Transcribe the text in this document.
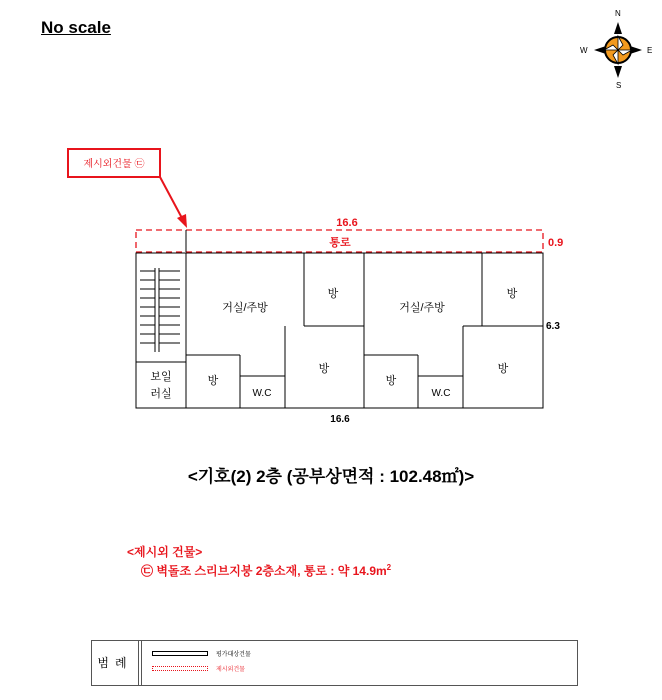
No scale
N
E
S
W
제시외건물 ㉢
16.6
통로	0.9
보일
러실
거실/주방
방
방
W.C
방
거실/주방
방
방
W.C
방
16.6
6.3
<기호(2) 2층 (공부상면적 : 102.48㎡)>
<제시외 건물>
㉢ 벽돌조 스리브지붕 2층소재, 통로 : 약 $14.9m^2$
범례
평가대상건물
제시외건물
